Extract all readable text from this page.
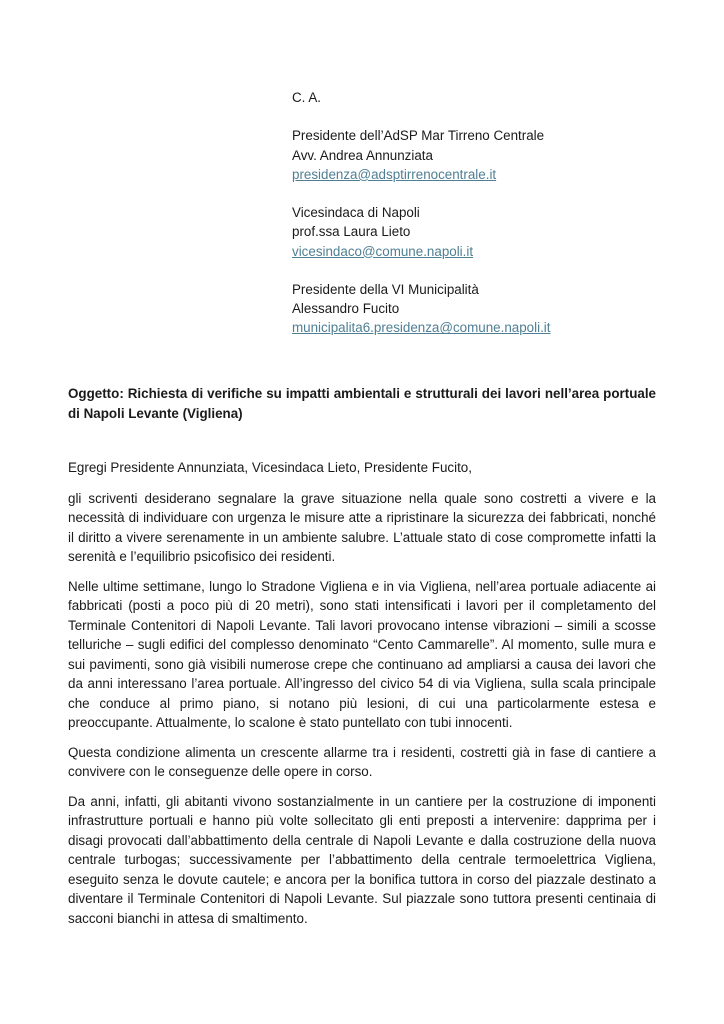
C. A.
Presidente dell’AdSP Mar Tirreno Centrale
Avv. Andrea Annunziata
presidenza@adsptirrenocentrale.it
Vicesindaca di Napoli
prof.ssa Laura Lieto
vicesindaco@comune.napoli.it
Presidente della VI Municipalità
Alessandro Fucito
municipalita6.presidenza@comune.napoli.it
Oggetto: Richiesta di verifiche su impatti ambientali e strutturali dei lavori nell’area portuale di Napoli Levante (Vigliena)

Egregi Presidente Annunziata, Vicesindaca Lieto, Presidente Fucito,

gli scriventi desiderano segnalare la grave situazione nella quale sono costretti a vivere e la necessità di individuare con urgenza le misure atte a ripristinare la sicurezza dei fabbricati, nonché il diritto a vivere serenamente in un ambiente salubre. L’attuale stato di cose compromette infatti la serenità e l’equilibrio psicofisico dei residenti.

Nelle ultime settimane, lungo lo Stradone Vigliena e in via Vigliena, nell’area portuale adiacente ai fabbricati (posti a poco più di 20 metri), sono stati intensificati i lavori per il completamento del Terminale Contenitori di Napoli Levante. Tali lavori provocano intense vibrazioni – simili a scosse telluriche – sugli edifici del complesso denominato “Cento Cammarelle”. Al momento, sulle mura e sui pavimenti, sono già visibili numerose crepe che continuano ad ampliarsi a causa dei lavori che da anni interessano l’area portuale. All’ingresso del civico 54 di via Vigliena, sulla scala principale che conduce al primo piano, si notano più lesioni, di cui una particolarmente estesa e preoccupante. Attualmente, lo scalone è stato puntellato con tubi innocenti.

Questa condizione alimenta un crescente allarme tra i residenti, costretti già in fase di cantiere a convivere con le conseguenze delle opere in corso.

Da anni, infatti, gli abitanti vivono sostanzialmente in un cantiere per la costruzione di imponenti infrastrutture portuali e hanno più volte sollecitato gli enti preposti a intervenire: dapprima per i disagi provocati dall’abbattimento della centrale di Napoli Levante e dalla costruzione della nuova centrale turbogas; successivamente per l’abbattimento della centrale termoelettrica Vigliena, eseguito senza le dovute cautele; e ancora per la bonifica tuttora in corso del piazzale destinato a diventare il Terminale Contenitori di Napoli Levante. Sul piazzale sono tuttora presenti centinaia di sacconi bianchi in attesa di smaltimento.
